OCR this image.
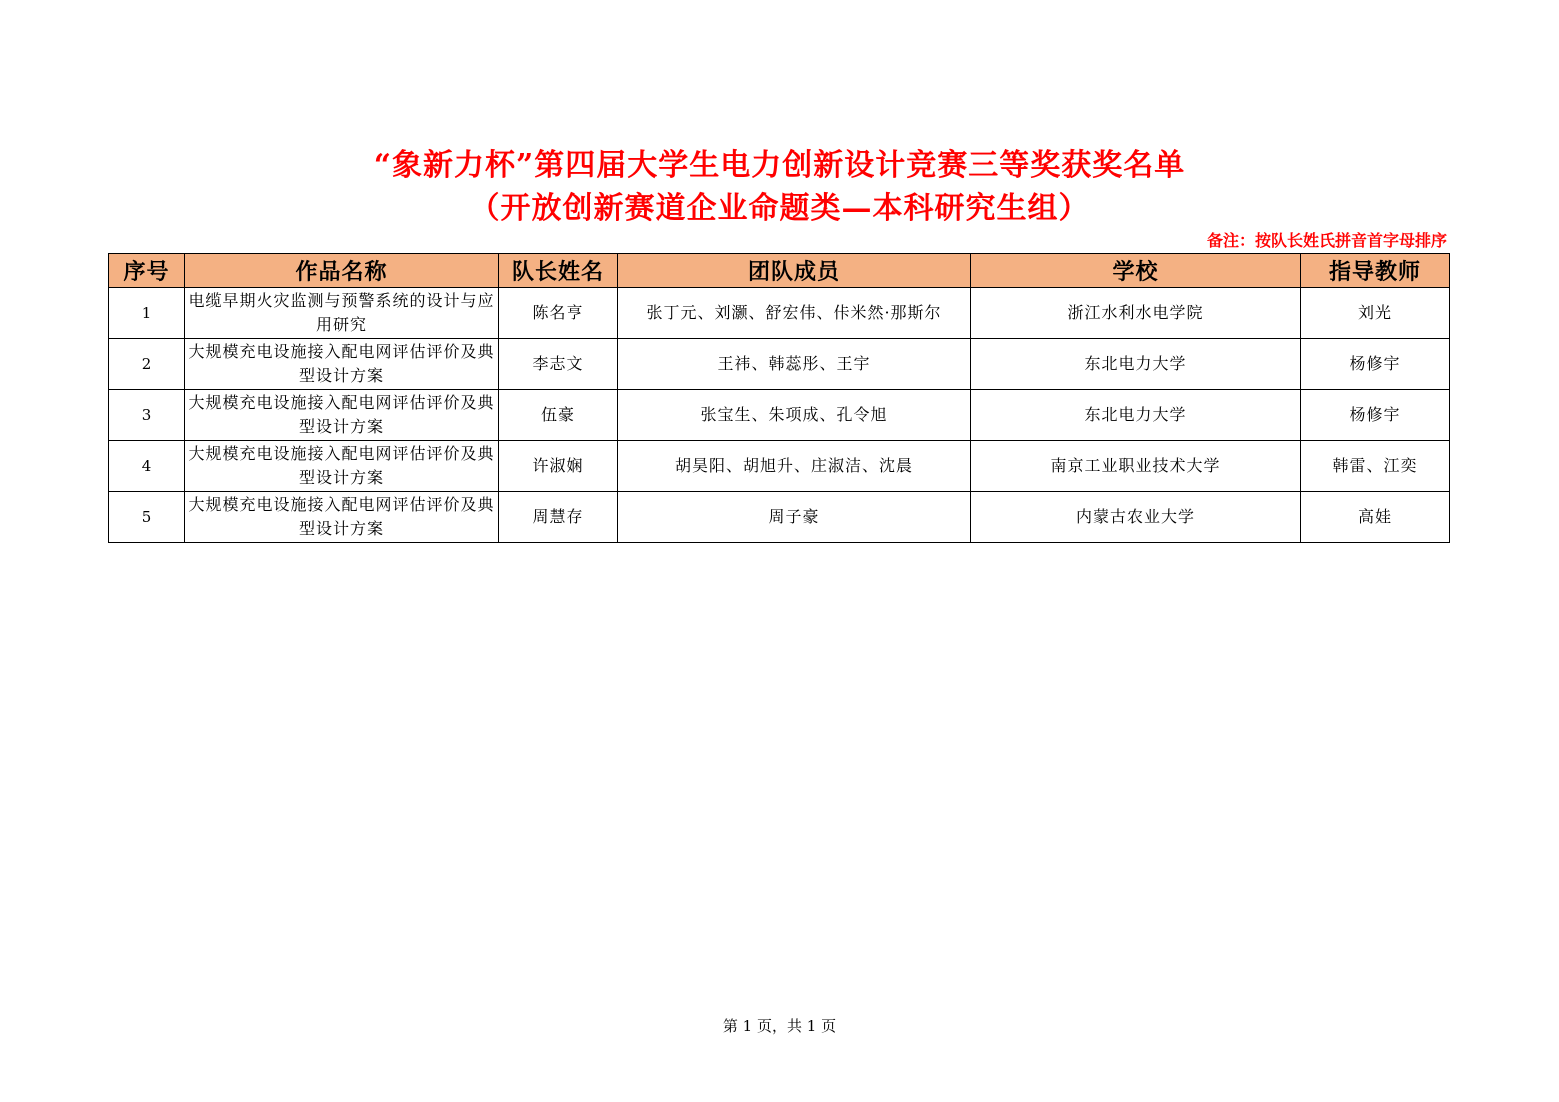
“象新力杯”第四届大学生电力创新设计竞赛三等奖获奖名单
（开放创新赛道企业命题类—本科研究生组）
备注：按队长姓氏拼音首字母排序
序号	作品名称	队长姓名	团队成员	学校	指导教师
1	电缆早期火灾监测与预警系统的设计与应用研究	陈名亨	张丁元、刘灏、舒宏伟、佧米然·那斯尔	浙江水利水电学院	刘光
2	大规模充电设施接入配电网评估评价及典型设计方案	李志文	王祎、韩蕊彤、王宇	东北电力大学	杨修宇
3	大规模充电设施接入配电网评估评价及典型设计方案	伍豪	张宝生、朱项成、孔令旭	东北电力大学	杨修宇
4	大规模充电设施接入配电网评估评价及典型设计方案	许淑娴	胡昊阳、胡旭升、庄淑洁、沈晨	南京工业职业技术大学	韩雷、江奕
5	大规模充电设施接入配电网评估评价及典型设计方案	周慧存	周子豪	内蒙古农业大学	高娃
第 1 页，共 1 页
